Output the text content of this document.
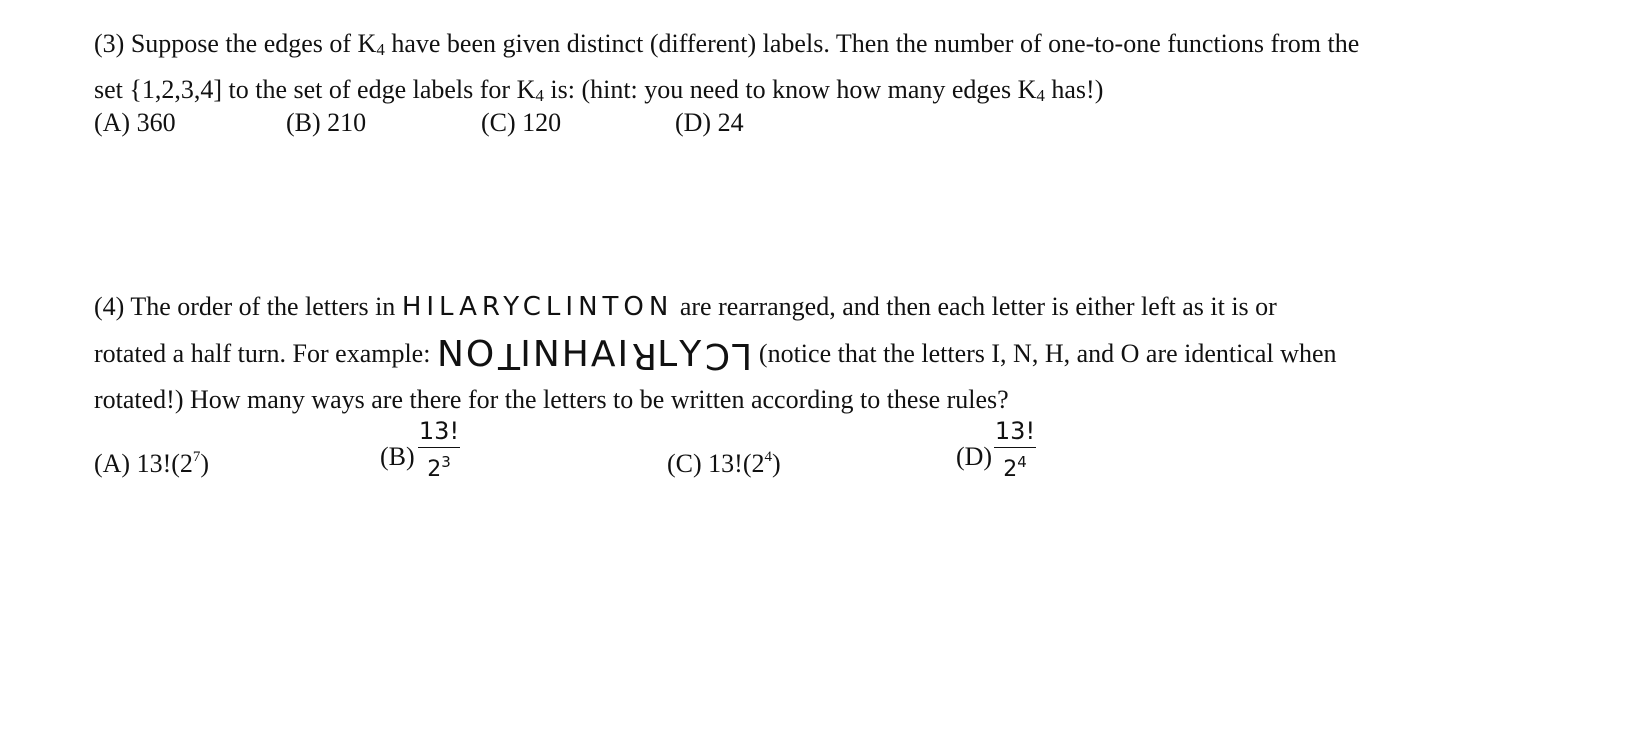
(3) Suppose the edges of K4 have been given distinct (different) labels. Then the number of one-to-one functions from the
set {1,2,3,4] to the set of edge labels for K4 is: (hint: you need to know how many edges K4 has!)
(A) 360	(B) 210	(C) 120	(D) 24
(4) The order of the letters in HILARYCLINTON are rearranged, and then each letter is either left as it is or
rotated a half turn. For example: NOTINHAIRLYCL (notice that the letters I, N, H, and O are identical when
rotated!) How many ways are there for the letters to be written according to these rules?
(A) $13!(2^7)$	(B)
13!
$2^3$	(C) $13!(2^4)$	(D)
13!
$2^4$
